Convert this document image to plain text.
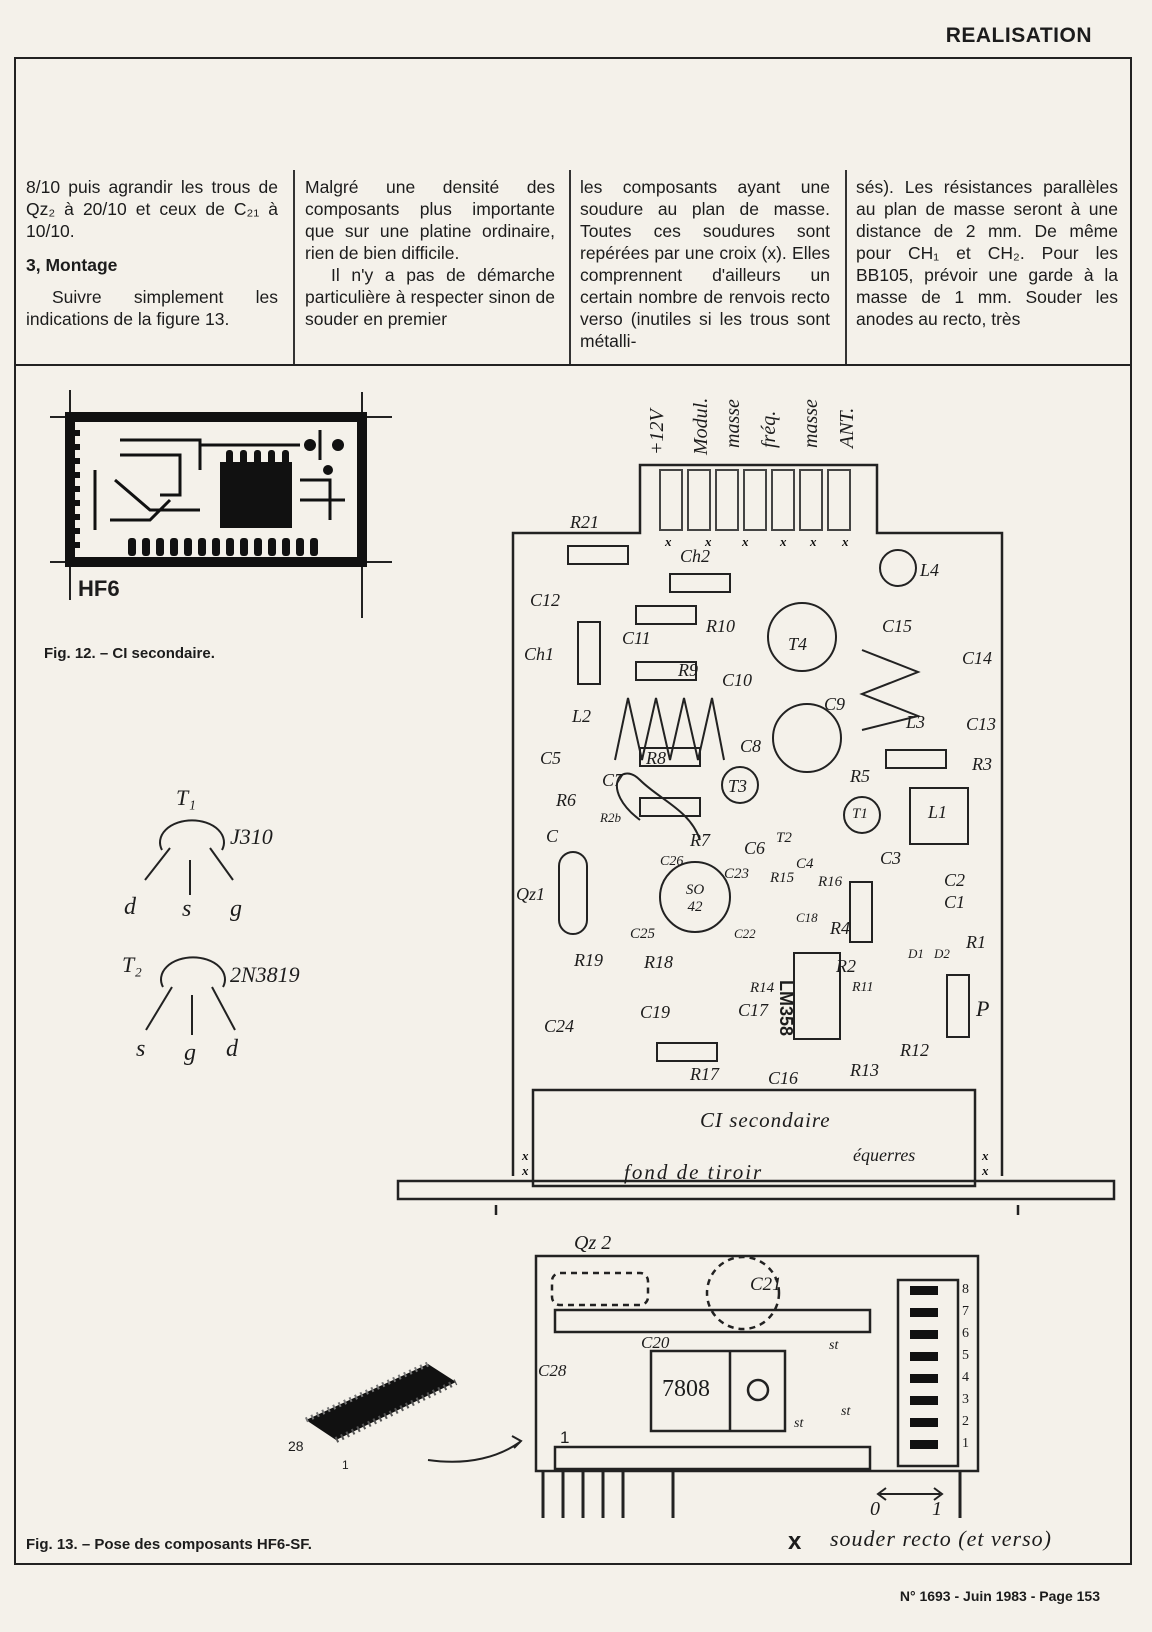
REALISATION

8/10 puis agrandir les trous de Qz₂ à 20/10 et ceux de C₂₁ à 10/10.

3, Montage

Suivre simplement les indications de la figure 13.

Malgré une densité des composants plus importante que sur une platine ordinaire, rien de bien difficile.

Il n'y a pas de démarche particulière à respecter sinon de souder en premier

les composants ayant une soudure au plan de masse. Toutes ces soudures sont repérées par une croix (x). Elles comprennent d'ailleurs un certain nombre de renvois recto verso (inutiles si les trous sont métalli-

sés). Les résistances parallèles au plan de masse seront à une distance de 2 mm. De même pour CH₁ et CH₂. Pour les BB105, prévoir une garde à la masse de 1 mm. Souder les anodes au recto, très

x	x x x x x
x
x
x
x
HF6
Fig. 12. – CI secondaire.
T₁
J310
d s g
T₂	2N3819
s g d
+12V Modul. masse fréq. masse ANT.
R21
Ch2
C12
L4
R10
C11
C15
Ch1
R9
T4
C14
C10
C9
L2	L3 C13
C5	R8
C8
R3
C7	R5
R6
T3
L1
R2b
R7	T2
T1
C
C6	C3
C2
C4
C1
Qz1
C26
C23 R15 R16
C25	C22
C18
R4
R1
R19 R18	R2
D1 D2
R14	R11
P
C24
C19	C17
R12
C16
R17	R13
LM358
SO 42
CI secondaire
fond de tiroir
équerres
Qz 2
C21
C20
C28
7808
st
st
st
1
8
7
6
5
4
3
2
1
0	1
28
1
x souder recto (et verso)
Fig. 13. – Pose des composants HF6-SF.
N° 1693 - Juin 1983 - Page 153
